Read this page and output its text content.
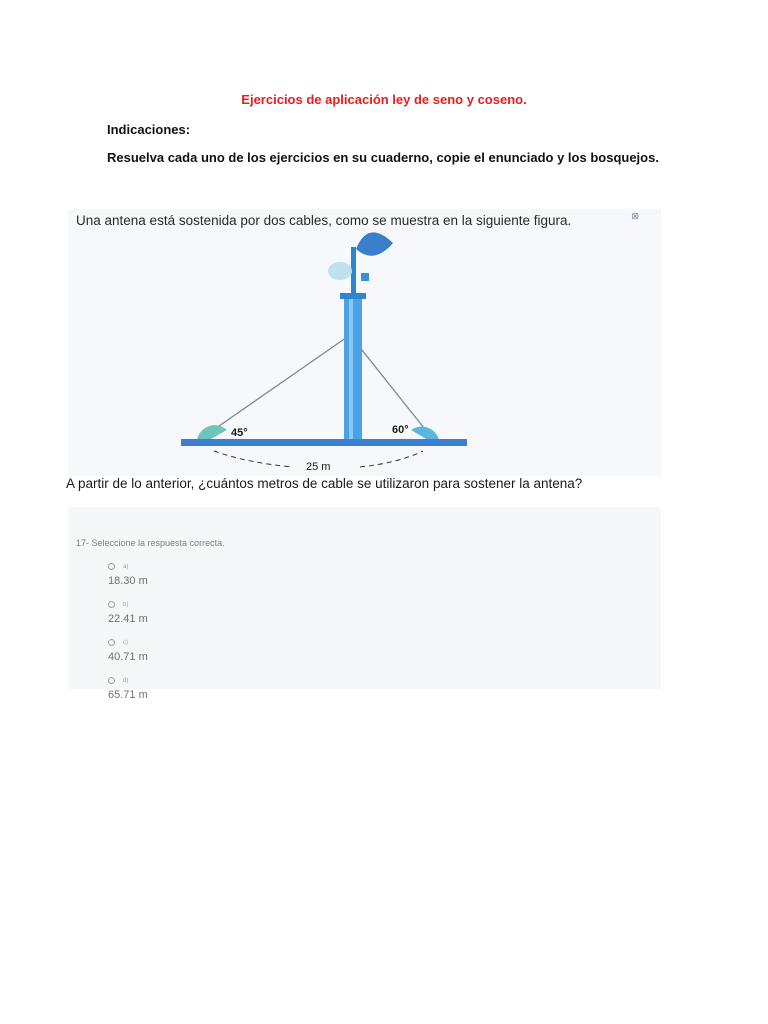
Ejercicios de aplicación ley de seno y coseno.
Indicaciones:
Resuelva cada uno de los ejercicios en su cuaderno, copie el enunciado y los bosquejos.
45°	60°
25 m
Una antena está sostenida por dos cables, como se muestra en la siguiente figura.	⊠
A partir de lo anterior, ¿cuántos metros de cable se utilizaron para sostener la antena?
17- Seleccione la respuesta correcta.
a)
18.30 m
b)
22.41 m
c)
40.71 m
d)
65.71 m
